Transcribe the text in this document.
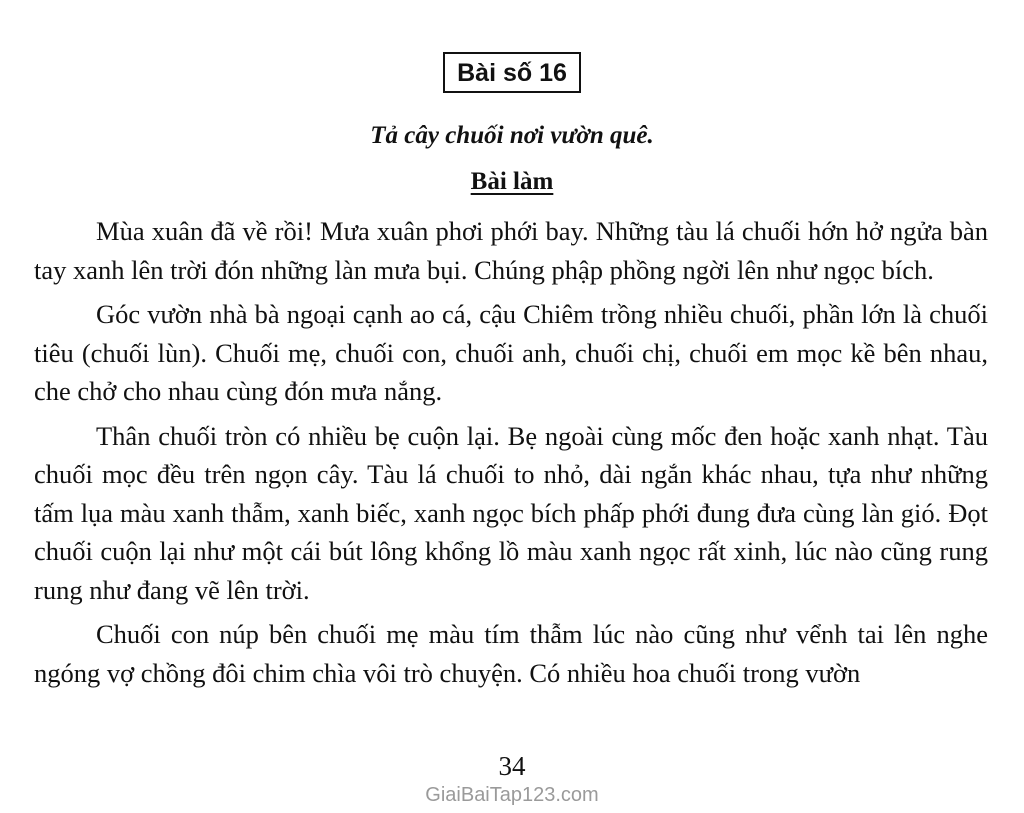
Bài số 16
Tả cây chuối nơi vườn quê.
Bài làm

Mùa xuân đã về rồi! Mưa xuân phơi phới bay. Những tàu lá chuối hớn hở ngửa bàn tay xanh lên trời đón những làn mưa bụi. Chúng phập phồng ngời lên như ngọc bích.

Góc vườn nhà bà ngoại cạnh ao cá, cậu Chiêm trồng nhiều chuối, phần lớn là chuối tiêu (chuối lùn). Chuối mẹ, chuối con, chuối anh, chuối chị, chuối em mọc kề bên nhau, che chở cho nhau cùng đón mưa nắng.

Thân chuối tròn có nhiều bẹ cuộn lại. Bẹ ngoài cùng mốc đen hoặc xanh nhạt. Tàu chuối mọc đều trên ngọn cây. Tàu lá chuối to nhỏ, dài ngắn khác nhau, tựa như những tấm lụa màu xanh thẫm, xanh biếc, xanh ngọc bích phấp phới đung đưa cùng làn gió. Đọt chuối cuộn lại như một cái bút lông khổng lồ màu xanh ngọc rất xinh, lúc nào cũng rung rung như đang vẽ lên trời.

Chuối con núp bên chuối mẹ màu tím thẫm lúc nào cũng như vểnh tai lên nghe ngóng vợ chồng đôi chim chìa vôi trò chuyện. Có nhiều hoa chuối trong vườn

34
GiaiBaiTap123.com
